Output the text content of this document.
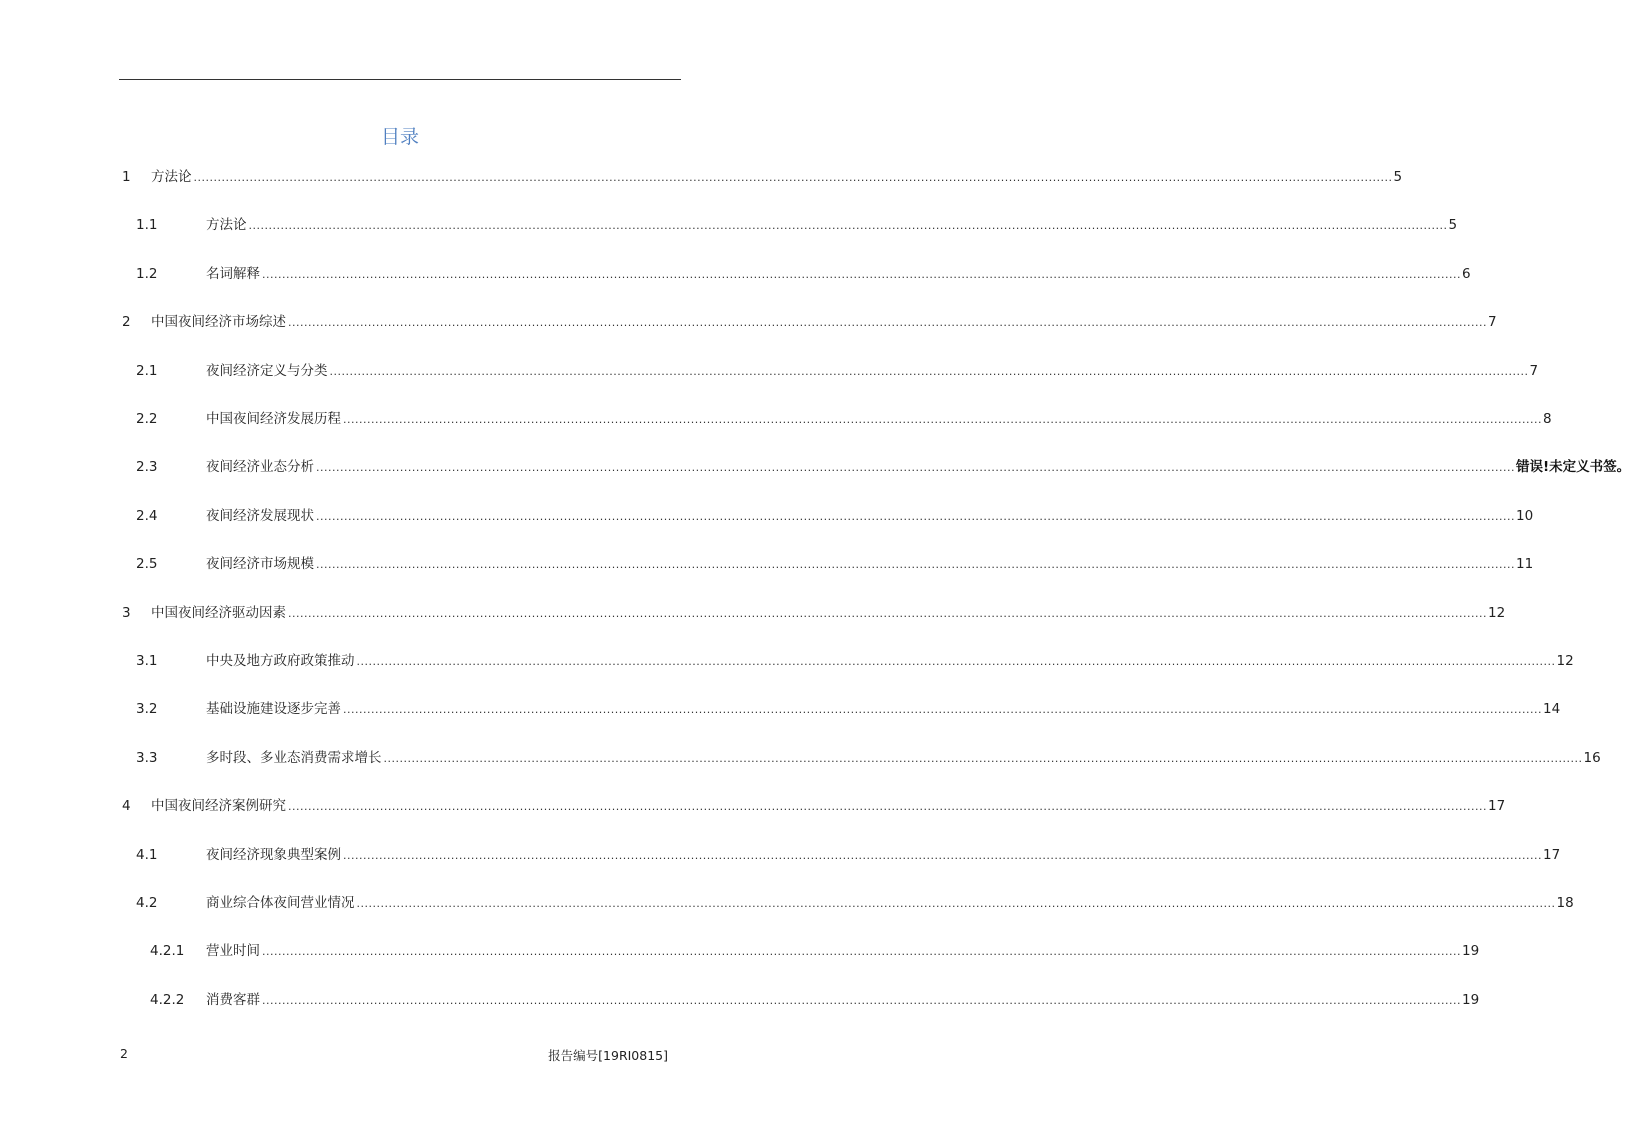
目录
1 方法论 ............................................................................................................................................................................................................................................................................................................ 5
1.1	方法论 ............................................................................................................................................................................................................................................................................................................ 5
1.2	名词解释 ............................................................................................................................................................................................................................................................................................................ 6
2 中国夜间经济市场综述 ............................................................................................................................................................................................................................................................................................................ 7
2.1	夜间经济定义与分类 ............................................................................................................................................................................................................................................................................................................ 7
2.2	中国夜间经济发展历程 ............................................................................................................................................................................................................................................................................................................ 8
2.3	夜间经济业态分析 ............................................................................................................................................................................................................................................................................................................ 错误!未定义书签。
2.4	夜间经济发展现状 ............................................................................................................................................................................................................................................................................................................ 10
2.5	夜间经济市场规模 ............................................................................................................................................................................................................................................................................................................ 11
3 中国夜间经济驱动因素 ............................................................................................................................................................................................................................................................................................................ 12
3.1	中央及地方政府政策推动 ............................................................................................................................................................................................................................................................................................................ 12
3.2	基础设施建设逐步完善 ............................................................................................................................................................................................................................................................................................................ 14
3.3	多时段、多业态消费需求增长 ............................................................................................................................................................................................................................................................................................................ 16
4 中国夜间经济案例研究 ............................................................................................................................................................................................................................................................................................................ 17
4.1	夜间经济现象典型案例 ............................................................................................................................................................................................................................................................................................................ 17
4.2	商业综合体夜间营业情况 ............................................................................................................................................................................................................................................................................................................ 18
4.2.1 营业时间 ............................................................................................................................................................................................................................................................................................................ 19
4.2.2 消费客群 ............................................................................................................................................................................................................................................................................................................ 19
2	报告编号[19RI0815]
